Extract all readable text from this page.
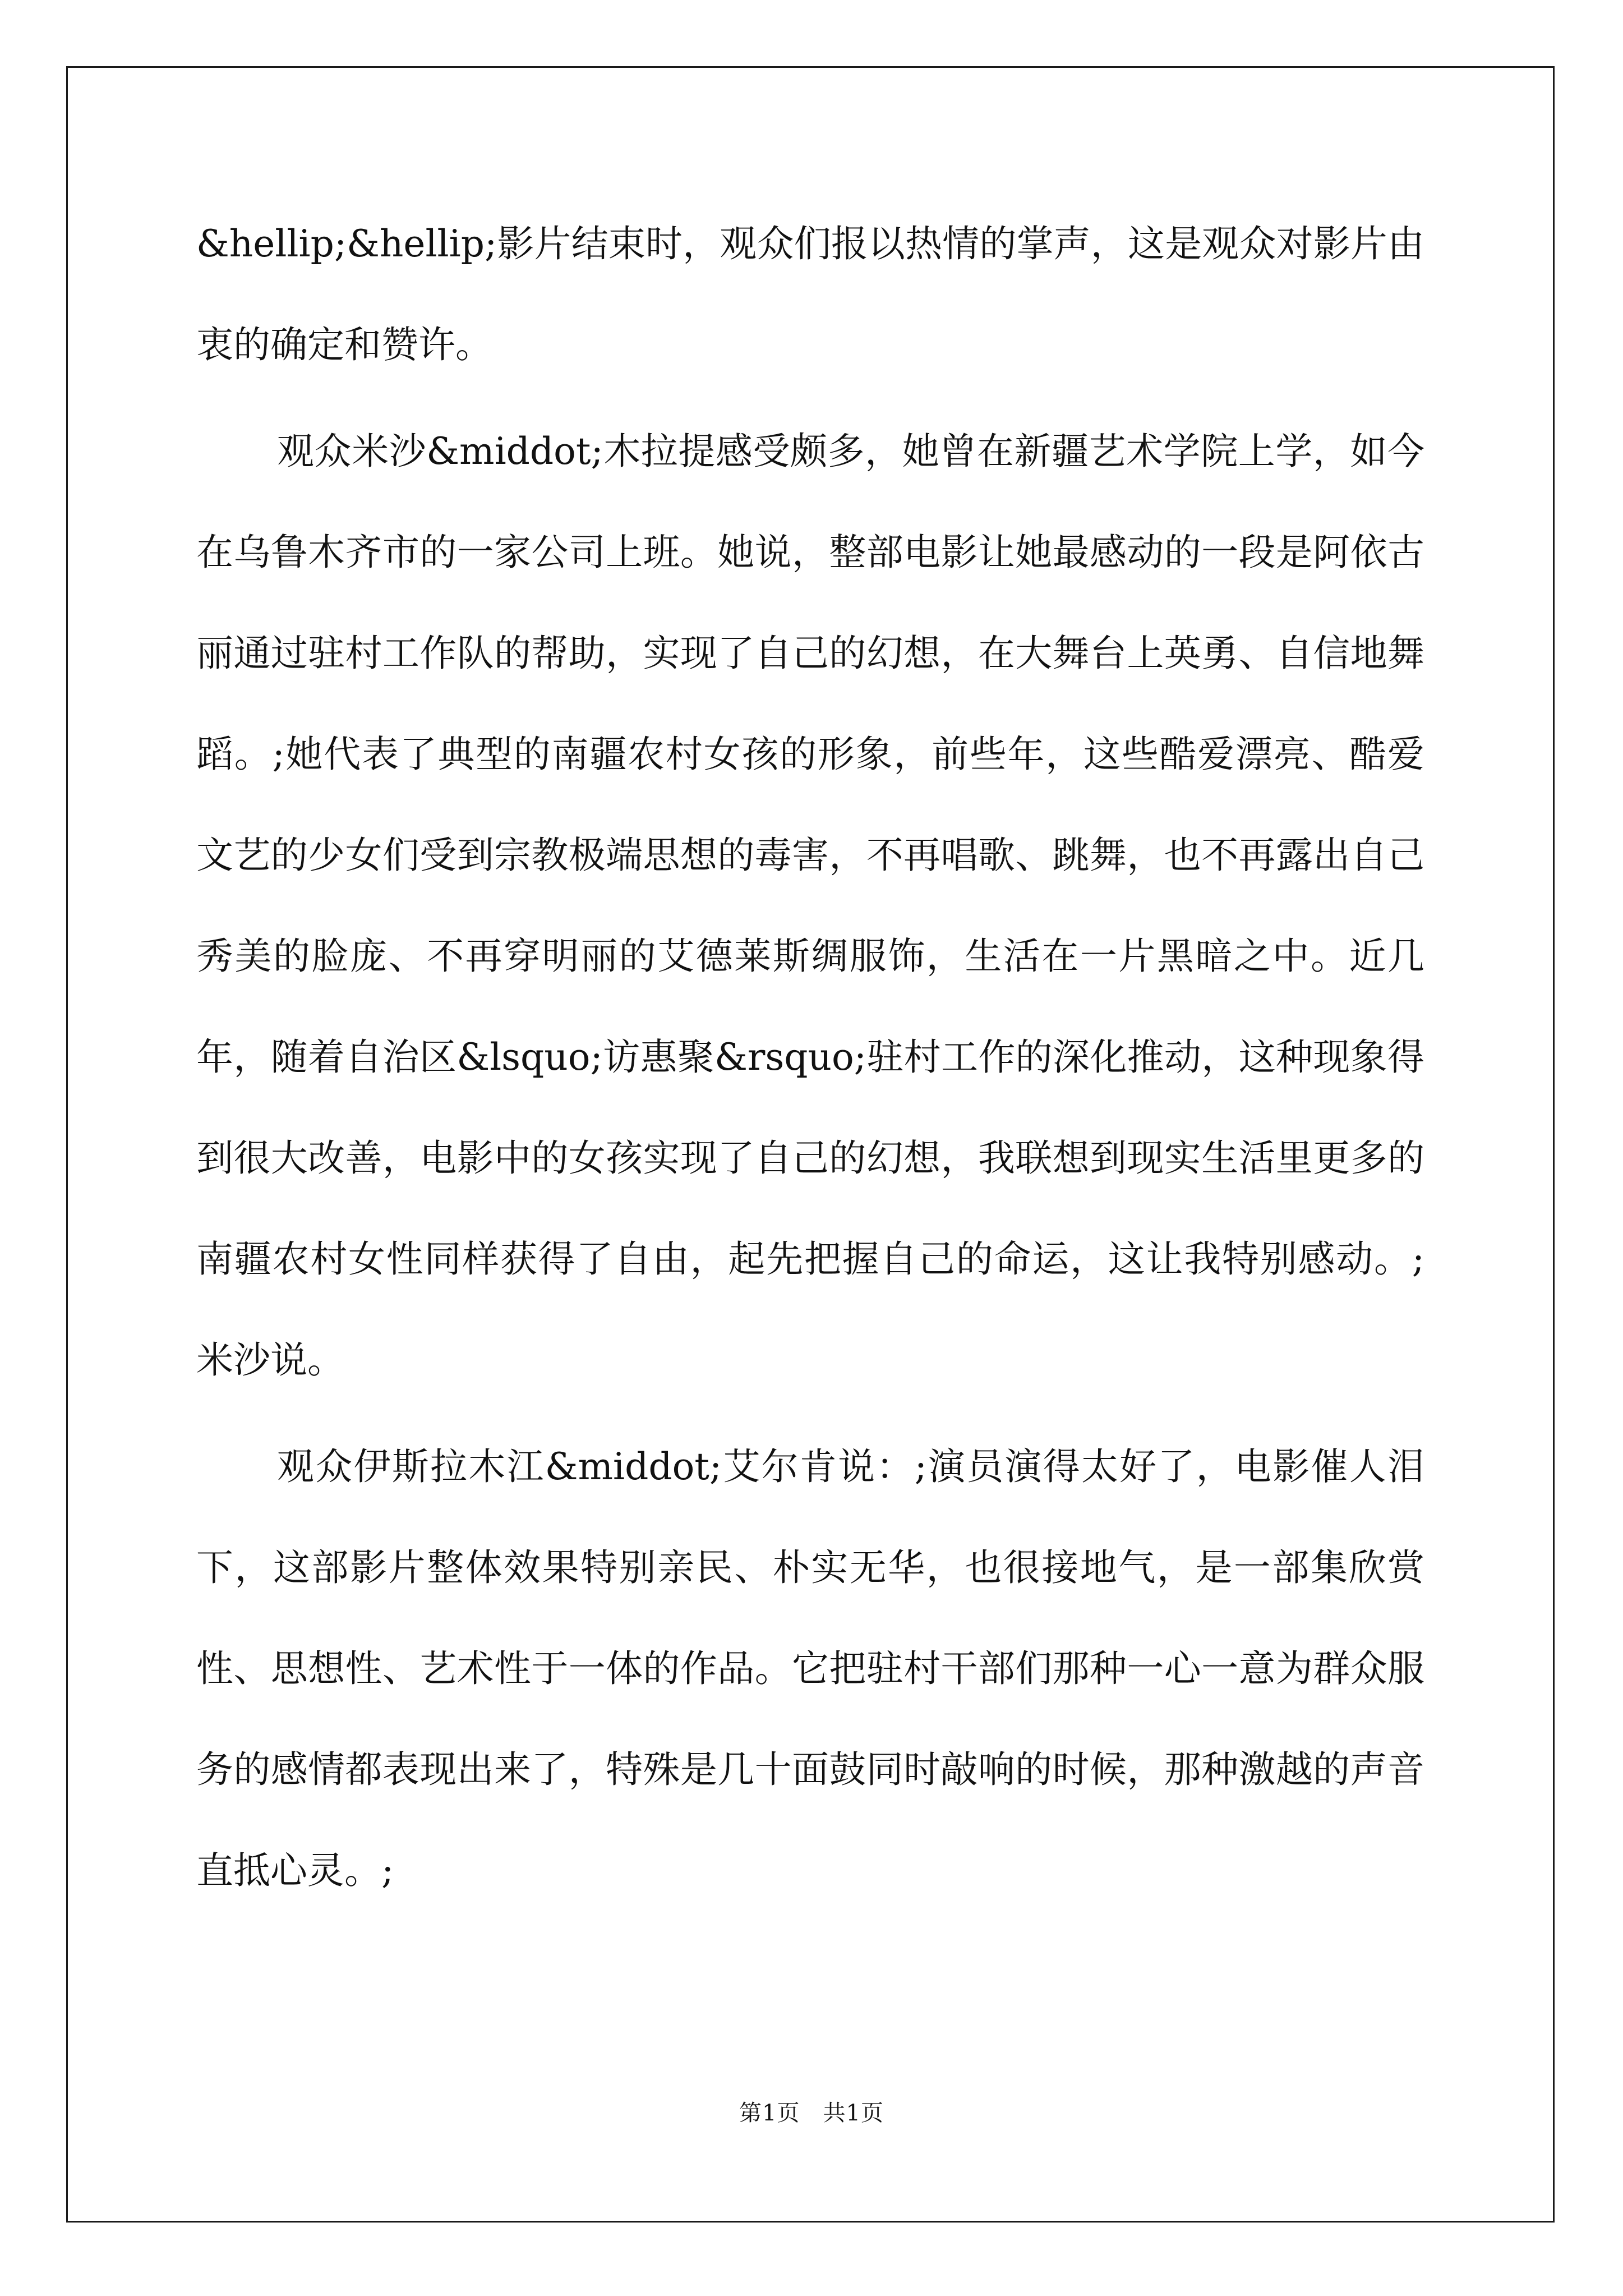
&hellip;&hellip;影片结束时，观众们报以热情的掌声，这是观众对影片由衷的确定和赞许。

观众米沙&middot;木拉提感受颇多，她曾在新疆艺术学院上学，如今在乌鲁木齐市的一家公司上班。她说，整部电影让她最感动的一段是阿依古丽通过驻村工作队的帮助，实现了自己的幻想，在大舞台上英勇、自信地舞蹈。;她代表了典型的南疆农村女孩的形象，前些年，这些酷爱漂亮、酷爱文艺的少女们受到宗教极端思想的毒害，不再唱歌、跳舞，也不再露出自己秀美的脸庞、不再穿明丽的艾德莱斯绸服饰，生活在一片黑暗之中。近几年，随着自治区&lsquo;访惠聚&rsquo;驻村工作的深化推动，这种现象得到很大改善，电影中的女孩实现了自己的幻想，我联想到现实生活里更多的南疆农村女性同样获得了自由，起先把握自己的命运，这让我特别感动。;米沙说。

观众伊斯拉木江&middot;艾尔肯说：;演员演得太好了，电影催人泪下，这部影片整体效果特别亲民、朴实无华，也很接地气，是一部集欣赏性、思想性、艺术性于一体的作品。它把驻村干部们那种一心一意为群众服务的感情都表现出来了，特殊是几十面鼓同时敲响的时候，那种激越的声音直抵心灵。;

第1页　共1页
